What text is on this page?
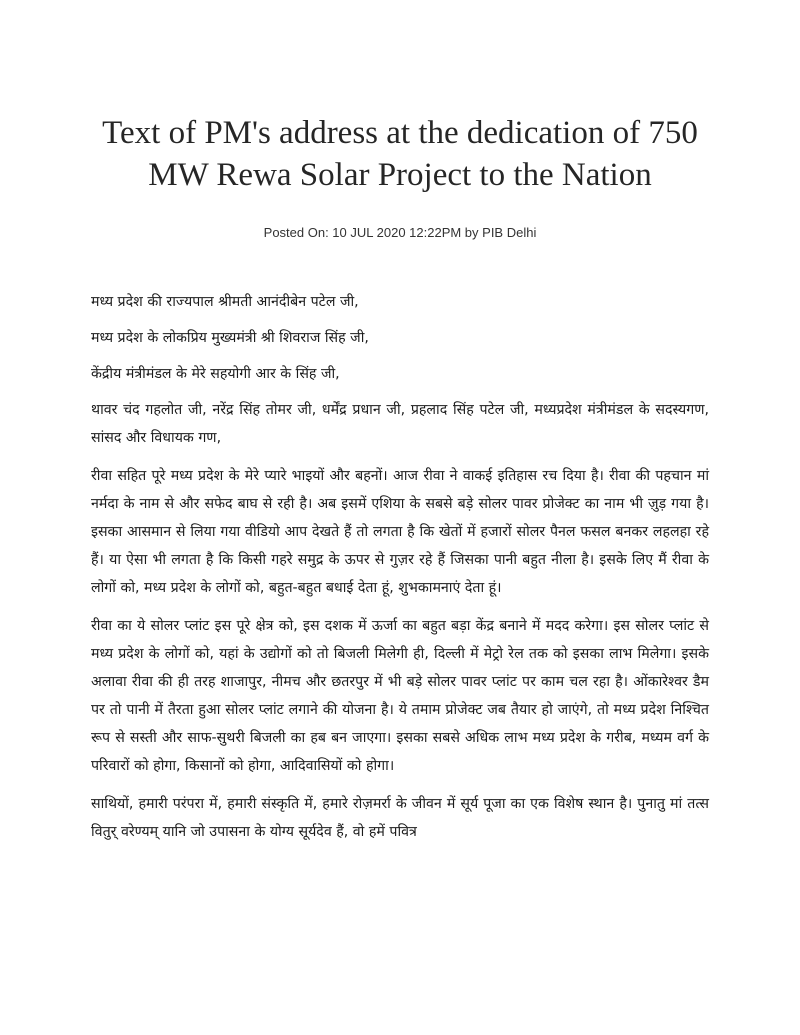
Text of PM's address at the dedication of 750 MW Rewa Solar Project to the Nation
Posted On: 10 JUL 2020 12:22PM by PIB Delhi

मध्य प्रदेश की राज्यपाल श्रीमती आनंदीबेन पटेल जी,

मध्य प्रदेश के लोकप्रिय मुख्यमंत्री श्री शिवराज सिंह जी,

केंद्रीय मंत्रीमंडल के मेरे सहयोगी आर के सिंह जी,

थावर चंद गहलोत जी, नरेंद्र सिंह तोमर जी, धर्मेंद्र प्रधान जी, प्रहलाद सिंह पटेल जी, मध्यप्रदेश मंत्रीमंडल के सदस्यगण, सांसद और विधायक गण,

रीवा सहित पूरे मध्य प्रदेश के मेरे प्यारे भाइयों और बहनों। आज रीवा ने वाकई इतिहास रच दिया है। रीवा की पहचान मां नर्मदा के नाम से और सफेद बाघ से रही है। अब इसमें एशिया के सबसे बड़े सोलर पावर प्रोजेक्ट का नाम भी ज़ुड़ गया है। इसका आसमान से लिया गया वीडियो आप देखते हैं तो लगता है कि खेतों में हजारों सोलर पैनल फसल बनकर लहलहा रहे हैं। या ऐसा भी लगता है कि किसी गहरे समुद्र के ऊपर से गुज़र रहे हैं जिसका पानी बहुत नीला है। इसके लिए मैं रीवा के लोगों को, मध्य प्रदेश के लोगों को, बहुत-बहुत बधाई देता हूं, शुभकामनाएं देता हूं।

रीवा का ये सोलर प्लांट इस पूरे क्षेत्र को, इस दशक में ऊर्जा का बहुत बड़ा केंद्र बनाने में मदद करेगा। इस सोलर प्लांट से मध्य प्रदेश के लोगों को, यहां के उद्योगों को तो बिजली मिलेगी ही, दिल्ली में मेट्रो रेल तक को इसका लाभ मिलेगा। इसके अलावा रीवा की ही तरह शाजापुर, नीमच और छतरपुर में भी बड़े सोलर पावर प्लांट पर काम चल रहा है। ओंकारेश्वर डैम पर तो पानी में तैरता हुआ सोलर प्लांट लगाने की योजना है। ये तमाम प्रोजेक्ट जब तैयार हो जाएंगे, तो मध्य प्रदेश निश्चित रूप से सस्ती और साफ-सुथरी बिजली का हब बन जाएगा। इसका सबसे अधिक लाभ मध्य प्रदेश के गरीब, मध्यम वर्ग के परिवारों को होगा, किसानों को होगा, आदिवासियों को होगा।

साथियों, हमारी परंपरा में, हमारी संस्कृति में, हमारे रोज़मर्रा के जीवन में सूर्य पूजा का एक विशेष स्थान है। पुनातु मां तत्स वितुर् वरेण्यम् यानि जो उपासना के योग्य सूर्यदेव हैं, वो हमें पवित्र
